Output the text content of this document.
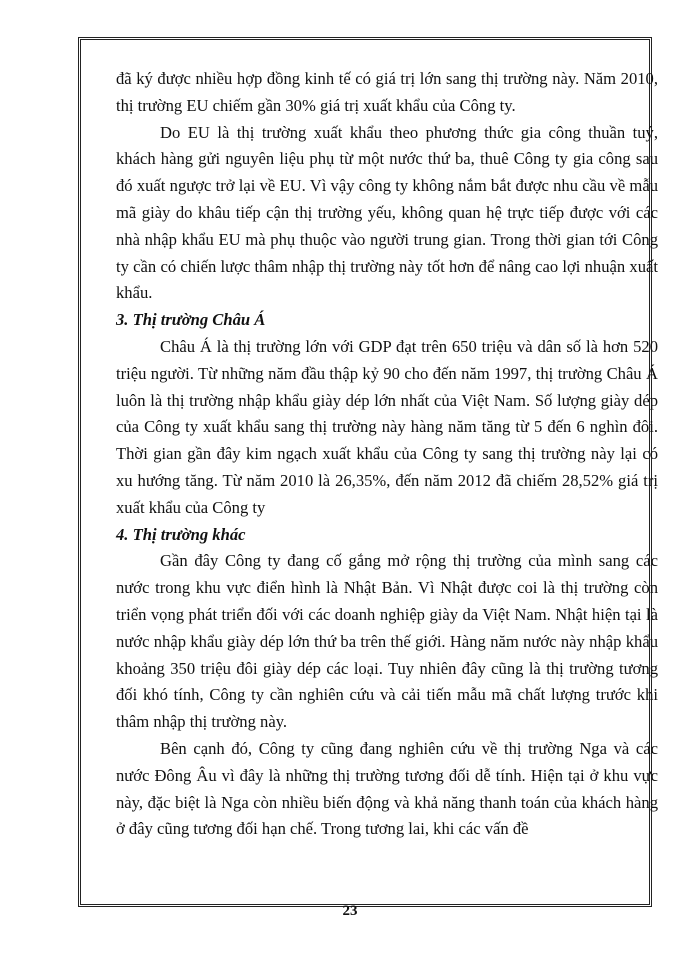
đã ký được nhiều hợp đồng kinh tế có giá trị lớn sang thị trường này. Năm 2010, thị trường EU chiếm gần 30% giá trị xuất khẩu của Công ty.

Do EU là thị trường xuất khẩu theo phương thức gia công thuần tuý, khách hàng gửi nguyên liệu phụ từ một nước thứ ba, thuê Công ty gia công sau đó xuất ngược trở lại về EU. Vì vậy công ty không nắm bắt được nhu cầu về mẫu mã giày do khâu tiếp cận thị trường yếu, không quan hệ trực tiếp được với các nhà nhập khẩu EU mà phụ thuộc vào người trung gian. Trong thời gian tới Công ty cần có chiến lược thâm nhập thị trường này tốt hơn để nâng cao lợi nhuận xuất khẩu.

3. Thị trường Châu Á

Châu Á là thị trường lớn với GDP đạt trên 650 triệu và dân số là hơn 520 triệu người. Từ những năm đầu thập kỷ 90 cho đến năm 1997, thị trường Châu Á luôn là thị trường nhập khẩu giày dép lớn nhất của Việt Nam. Số lượng giày dép của Công ty xuất khẩu sang thị trường này hàng năm tăng từ 5 đến 6 nghìn đôi. Thời gian gần đây kim ngạch xuất khẩu của Công ty sang thị trường này lại có xu hướng tăng. Từ năm 2010 là 26,35%, đến năm 2012 đã chiếm 28,52% giá trị xuất khẩu của Công ty

4. Thị trường khác

Gần đây Công ty đang cố gắng mở rộng thị trường của mình sang các nước trong khu vực điển hình là Nhật Bản. Vì Nhật được coi là thị trường còn triển vọng phát triển đối với các doanh nghiệp giày da Việt Nam. Nhật hiện tại là nước nhập khẩu giày dép lớn thứ ba trên thế giới. Hàng năm nước này nhập khẩu khoảng 350 triệu đôi giày dép các loại. Tuy nhiên đây cũng là thị trường tương đối khó tính, Công ty cần nghiên cứu và cải tiến mẫu mã chất lượng trước khi thâm nhập thị trường này.

Bên cạnh đó, Công ty cũng đang nghiên cứu về thị trường Nga và các nước Đông Âu vì đây là những thị trường tương đối dễ tính. Hiện tại ở khu vực này, đặc biệt là Nga còn nhiều biến động và khả năng thanh toán của khách hàng ở đây cũng tương đối hạn chế. Trong tương lai, khi các vấn đề

23
